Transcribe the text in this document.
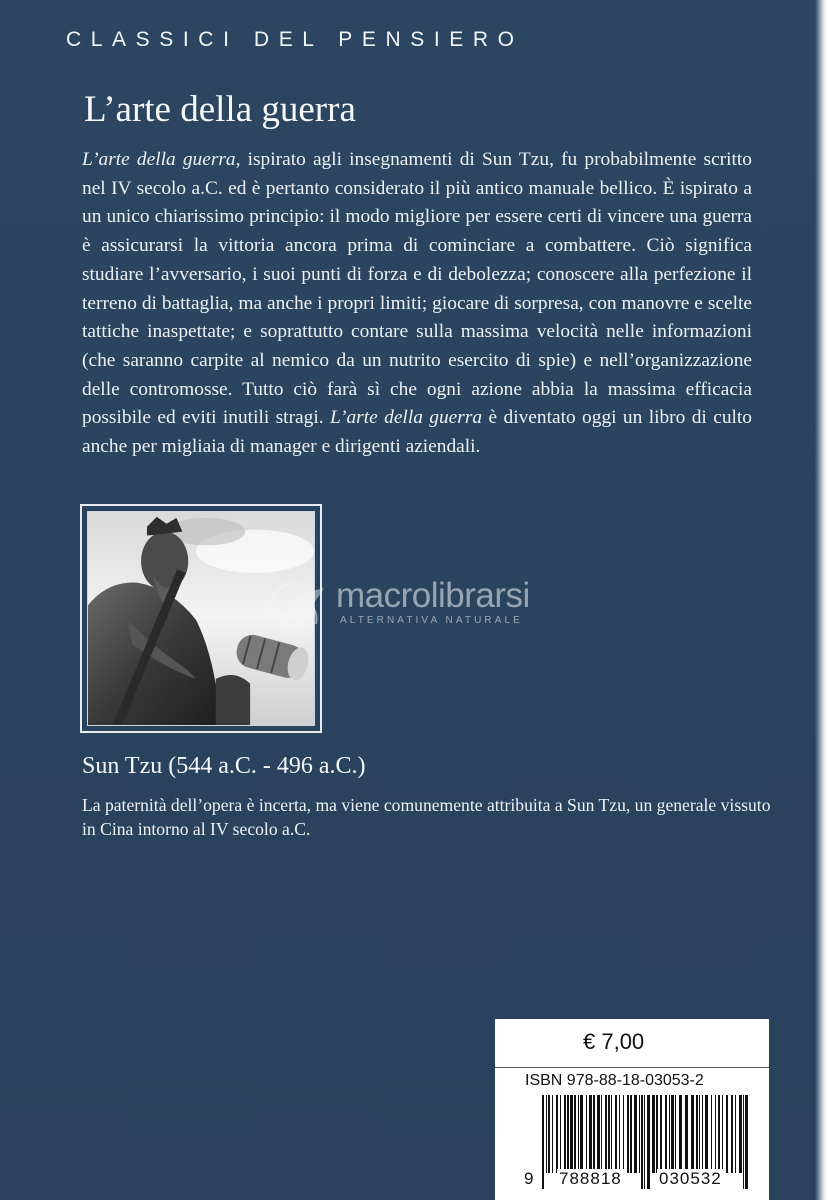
CLASSICI DEL PENSIERO
L’arte della guerra
L’arte della guerra, ispirato agli insegnamenti di Sun Tzu, fu probabilmente scritto nel IV secolo a.C. ed è pertanto considerato il più antico manuale bellico. È ispirato a un unico chiarissimo principio: il modo migliore per essere certi di vincere una guerra è assicurarsi la vittoria ancora prima di cominciare a combattere. Ciò significa studiare l’avversario, i suoi punti di forza e di debolezza; conoscere alla perfezione il terreno di battaglia, ma anche i propri limiti; giocare di sorpresa, con manovre e scelte tattiche inaspettate; e soprattutto contare sulla massima velocità nelle informazioni (che saranno carpite al nemico da un nutrito esercito di spie) e nell’organizzazione delle contromosse. Tutto ciò farà sì che ogni azione abbia la massima efficacia possibile ed eviti inutili stragi. L’arte della guerra è diventato oggi un libro di culto anche per migliaia di manager e dirigenti aziendali.
macrolibrarsi
ALTERNATIVA NATURALE
Sun Tzu (544 a.C. - 496 a.C.)
La paternità dell’opera è incerta, ma viene comunemente attribuita a Sun Tzu, un generale vissuto in Cina intorno al IV secolo a.C.
€ 7,00
ISBN 978-88-18-03053-2
9 788818 030532
